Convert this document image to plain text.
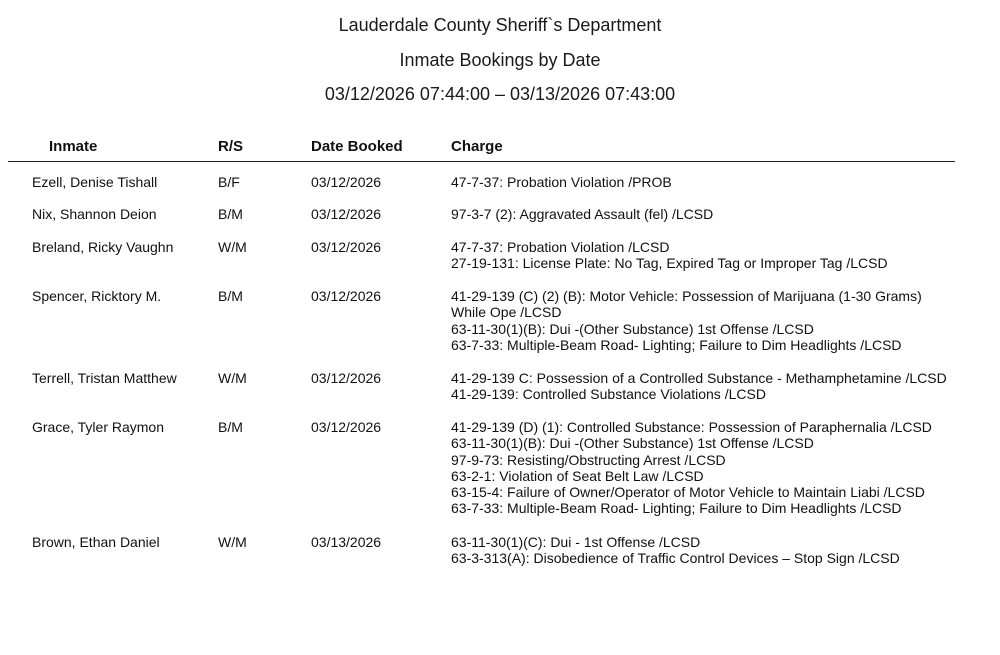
Lauderdale County Sheriff`s Department
Inmate Bookings by Date
03/12/2026 07:44:00 – 03/13/2026 07:43:00
Inmate	R/S	Date Booked	Charge
Ezell, Denise Tishall	B/F	03/12/2026	47-7-37: Probation Violation /PROB
Nix, Shannon Deion	B/M	03/12/2026	97-3-7 (2): Aggravated Assault (fel) /LCSD
Breland, Ricky Vaughn	W/M	03/12/2026	47-7-37: Probation Violation /LCSD
27-19-131: License Plate: No Tag, Expired Tag or Improper Tag /LCSD
Spencer, Ricktory M.	B/M	03/12/2026	41-29-139 (C) (2) (B): Motor Vehicle: Possession of Marijuana (1-30 Grams)
While Ope /LCSD
63-11-30(1)(B): Dui -(Other Substance) 1st Offense /LCSD
63-7-33: Multiple-Beam Road- Lighting; Failure to Dim Headlights /LCSD
Terrell, Tristan Matthew	W/M	03/12/2026	41-29-139 C: Possession of a Controlled Substance - Methamphetamine /LCSD
41-29-139: Controlled Substance Violations /LCSD
Grace, Tyler Raymon	B/M	03/12/2026	41-29-139 (D) (1): Controlled Substance: Possession of Paraphernalia /LCSD
63-11-30(1)(B): Dui -(Other Substance) 1st Offense /LCSD
97-9-73: Resisting/Obstructing Arrest /LCSD
63-2-1: Violation of Seat Belt Law /LCSD
63-15-4: Failure of Owner/Operator of Motor Vehicle to Maintain Liabi /LCSD
63-7-33: Multiple-Beam Road- Lighting; Failure to Dim Headlights /LCSD
Brown, Ethan Daniel	W/M	03/13/2026	63-11-30(1)(C): Dui - 1st Offense /LCSD
63-3-313(A): Disobedience of Traffic Control Devices – Stop Sign /LCSD
